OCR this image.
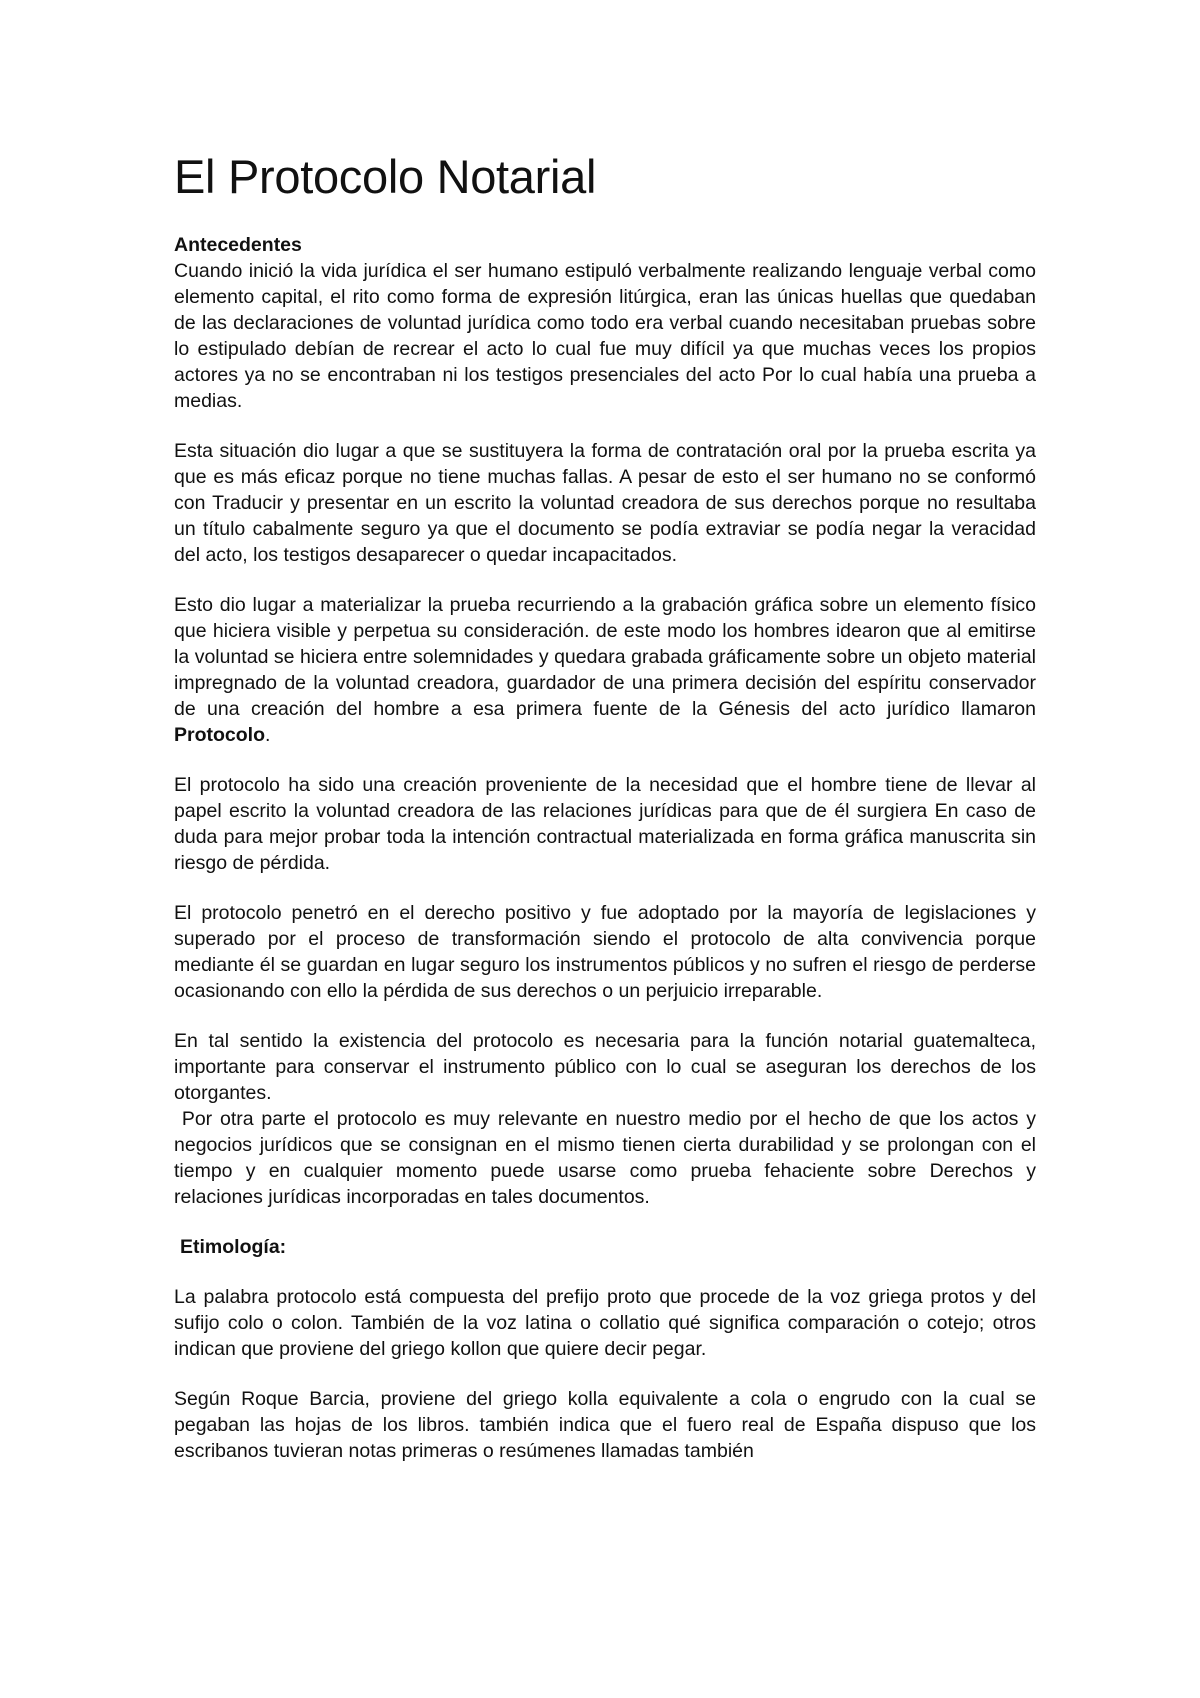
El Protocolo Notarial
Antecedentes

Cuando inició la vida jurídica el ser humano estipuló verbalmente realizando lenguaje verbal como elemento capital, el rito como forma de expresión litúrgica, eran las únicas huellas que quedaban de las declaraciones de voluntad jurídica como todo era verbal cuando necesitaban pruebas sobre lo estipulado debían de recrear el acto lo cual fue muy difícil ya que muchas veces los propios actores ya no se encontraban ni los testigos presenciales del acto Por lo cual había una prueba a medias.

Esta situación dio lugar a que se sustituyera la forma de contratación oral por la prueba escrita ya que es más eficaz porque no tiene muchas fallas. A pesar de esto el ser humano no se conformó con Traducir y presentar en un escrito la voluntad creadora de sus derechos porque no resultaba un título cabalmente seguro ya que el documento se podía extraviar se podía negar la veracidad del acto, los testigos desaparecer o quedar incapacitados.

Esto dio lugar a materializar la prueba recurriendo a la grabación gráfica sobre un elemento físico que hiciera visible y perpetua su consideración. de este modo los hombres idearon que al emitirse la voluntad se hiciera entre solemnidades y quedara grabada gráficamente sobre un objeto material impregnado de la voluntad creadora, guardador de una primera decisión del espíritu conservador de una creación del hombre a esa primera fuente de la Génesis del acto jurídico llamaron Protocolo.

El protocolo ha sido una creación proveniente de la necesidad que el hombre tiene de llevar al papel escrito la voluntad creadora de las relaciones jurídicas para que de él surgiera En caso de duda para mejor probar toda la intención contractual materializada en forma gráfica manuscrita sin riesgo de pérdida.

El protocolo penetró en el derecho positivo y fue adoptado por la mayoría de legislaciones y superado por el proceso de transformación siendo el protocolo de alta convivencia porque mediante él se guardan en lugar seguro los instrumentos públicos y no sufren el riesgo de perderse ocasionando con ello la pérdida de sus derechos o un perjuicio irreparable.

En tal sentido la existencia del protocolo es necesaria para la función notarial guatemalteca, importante para conservar el instrumento público con lo cual se aseguran los derechos de los otorgantes.

Por otra parte el protocolo es muy relevante en nuestro medio por el hecho de que los actos y negocios jurídicos que se consignan en el mismo tienen cierta durabilidad y se prolongan con el tiempo y en cualquier momento puede usarse como prueba fehaciente sobre Derechos y relaciones jurídicas incorporadas en tales documentos.

Etimología:

La palabra protocolo está compuesta del prefijo proto que procede de la voz griega protos y del sufijo colo o colon. También de la voz latina o collatio qué significa comparación o cotejo; otros indican que proviene del griego kollon que quiere decir pegar.

Según Roque Barcia, proviene del griego kolla equivalente a cola o engrudo con la cual se pegaban las hojas de los libros. también indica que el fuero real de España dispuso que los escribanos tuvieran notas primeras o resúmenes llamadas también
